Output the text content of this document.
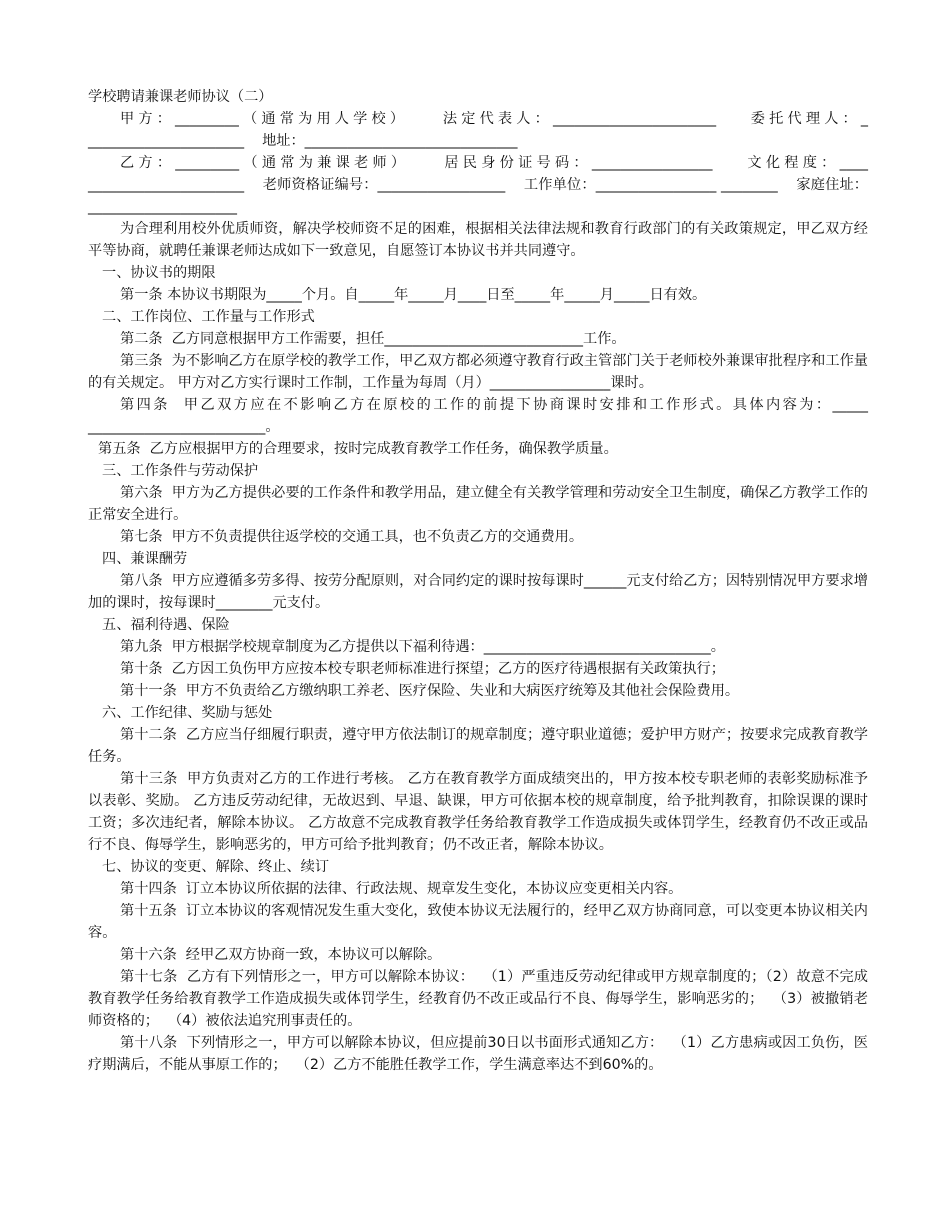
学校聘请兼课老师协议（二）

甲方：_________（通常为用人学校）    法定代表人：_______________________    委托代理人：_ ______________________    地址：______________________________

乙方：_________（通常为兼课老师）    居民身份证号码：_________________    文化程度：____ ______________________    老师资格证编号：__________________    工作单位：_________________ ________    家庭住址：_____________________

为合理利用校外优质师资，解决学校师资不足的困难，根据相关法律法规和教育行政部门的有关政策规定，甲乙双方经平等协商，就聘任兼课老师达成如下一致意见，自愿签订本协议书并共同遵守。

一、协议书的期限

第一条 本协议书期限为_____个月。自_____年_____月____日至_____年_____月_____日有效。

二、工作岗位、工作量与工作形式

第二条  乙方同意根据甲方工作需要，担任____________________________工作。

第三条  为不影响乙方在原学校的教学工作，甲乙双方都必须遵守教育行政主管部门关于老师校外兼课审批程序和工作量的有关规定。 甲方对乙方实行课时工作制，工作量为每周（月）_________________课时。

第四条  甲乙双方应在不影响乙方在原校的工作的前提下协商课时安排和工作形式。具体内容为：_____ _________________________。

第五条  乙方应根据甲方的合理要求，按时完成教育教学工作任务，确保教学质量。

三、工作条件与劳动保护

第六条  甲方为乙方提供必要的工作条件和教学用品，建立健全有关教学管理和劳动安全卫生制度，确保乙方教学工作的正常安全进行。

第七条  甲方不负责提供往返学校的交通工具，也不负责乙方的交通费用。

四、兼课酬劳

第八条  甲方应遵循多劳多得、按劳分配原则，对合同约定的课时按每课时______元支付给乙方；因特别情况甲方要求增加的课时，按每课时________元支付。

五、福利待遇、保险

第九条  甲方根据学校规章制度为乙方提供以下福利待遇：________________________________。

第十条  乙方因工负伤甲方应按本校专职老师标准进行探望；乙方的医疗待遇根据有关政策执行；

第十一条  甲方不负责给乙方缴纳职工养老、医疗保险、失业和大病医疗统筹及其他社会保险费用。

六、工作纪律、奖励与惩处

第十二条  乙方应当仔细履行职责，遵守甲方依法制订的规章制度；遵守职业道德；爱护甲方财产；按要求完成教育教学任务。

第十三条  甲方负责对乙方的工作进行考核。 乙方在教育教学方面成绩突出的，甲方按本校专职老师的表彰奖励标准予以表彰、奖励。 乙方违反劳动纪律，无故迟到、早退、缺课，甲方可依据本校的规章制度，给予批判教育，扣除误课的课时工资；多次违纪者，解除本协议。 乙方故意不完成教育教学任务给教育教学工作造成损失或体罚学生，经教育仍不改正或品行不良、侮辱学生，影响恶劣的，甲方可给予批判教育；仍不改正者，解除本协议。

七、协议的变更、解除、终止、续订

第十四条  订立本协议所依据的法律、行政法规、规章发生变化，本协议应变更相关内容。

第十五条  订立本协议的客观情况发生重大变化，致使本协议无法履行的，经甲乙双方协商同意，可以变更本协议相关内容。

第十六条  经甲乙双方协商一致，本协议可以解除。

第十七条  乙方有下列情形之一，甲方可以解除本协议：  （1）严重违反劳动纪律或甲方规章制度的；（2）故意不完成教育教学任务给教育教学工作造成损失或体罚学生，经教育仍不改正或品行不良、侮辱学生，影响恶劣的；  （3）被撤销老师资格的；  （4）被依法追究刑事责任的。

第十八条  下列情形之一，甲方可以解除本协议，但应提前30日以书面形式通知乙方：  （1）乙方患病或因工负伤，医疗期满后，不能从事原工作的；  （2）乙方不能胜任教学工作，学生满意率达不到60%的。
